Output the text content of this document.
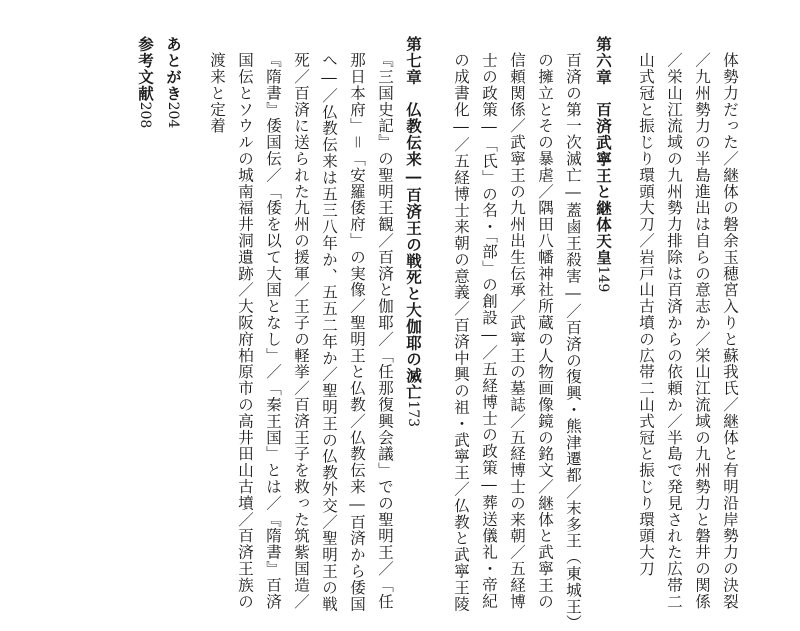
体勢力だった／継体の磐余玉穂宮入りと蘇我氏／継体と有明沿岸勢力の決裂
／九州勢力の半島進出は自らの意志か／栄山江流域の九州勢力と磐井の関係
／栄山江流域の九州勢力排除は百済からの依頼か／半島で発見された広帯二
山式冠と振じり環頭大刀／岩戸山古墳の広帯二山式冠と振じり環頭大刀
第六章　百済武寧王と継体天皇149
百済の第一次滅亡―蓋鹵王殺害―／百済の復興・熊津遷都／末多王（東城王）
の擁立とその暴虐／隅田八幡神社所蔵の人物画像鏡の銘文／継体と武寧王の
信頼関係／武寧王の九州出生伝承／武寧王の墓誌／五経博士の来朝／五経博
士の政策―「氏」の名・「部」の創設―／五経博士の政策―葬送儀礼・帝紀
の成書化―／五経博士来朝の意義／百済中興の祖・武寧王／仏教と武寧王陵
第七章　仏教伝来―百済王の戦死と大伽耶の滅亡173
『三国史記』の聖明王観／百済と伽耶／「任那復興会議」での聖明王／「任
那日本府」＝「安羅倭府」の実像／聖明王と仏教／仏教伝来―百済から倭国
へ―／仏教伝来は五三八年か、五五二年か／聖明王の仏教外交／聖明王の戦
死／百済に送られた九州の援軍／王子の軽挙／百済王子を救った筑紫国造／
『隋書』倭国伝／「倭を以て大国となし」／「秦王国」とは／『隋書』百済
国伝とソウルの城南福井洞遺跡／大阪府柏原市の高井田山古墳／百済王族の
渡来と定着
あとがき204
参考文献208
